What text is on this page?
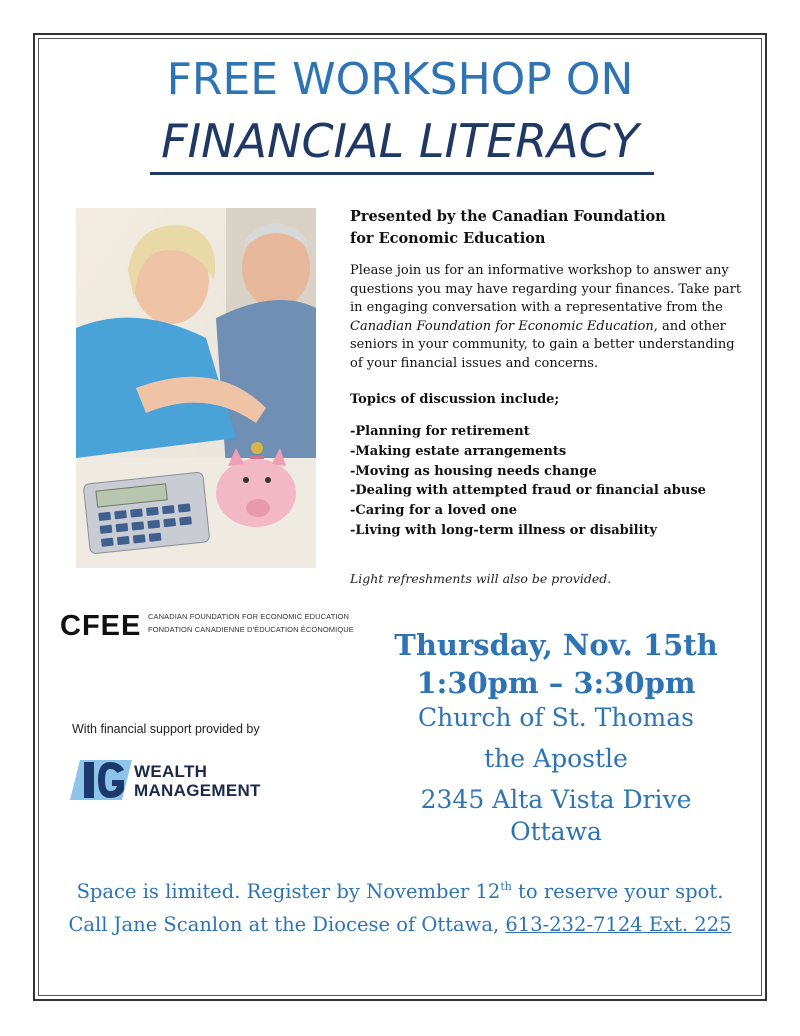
FREE WORKSHOP ON
FINANCIAL LITERACY
Presented by the Canadian Foundation
for Economic Education
Please join us for an informative workshop to answer any questions you may have regarding your finances. Take part in engaging conversation with a representative from the Canadian Foundation for Economic Education, and other seniors in your community, to gain a better understanding of your financial issues and concerns.
Topics of discussion include;
-Planning for retirement
-Making estate arrangements
-Moving as housing needs change
-Dealing with attempted fraud or financial abuse
-Caring for a loved one
-Living with long-term illness or disability
Light refreshments will also be provided.
CFEE CANADIAN FOUNDATION FOR ECONOMIC EDUCATION
FONDATION CANADIENNE D'ÉDUCATION ÉCONOMIQUE
With financial support provided by
WEALTH
MANAGEMENT
Thursday, Nov. 15th
1:30pm – 3:30pm
Church of St. Thomas
the Apostle
2345 Alta Vista Drive
Ottawa
Space is limited. Register by November 12th to reserve your spot.
Call Jane Scanlon at the Diocese of Ottawa, 613-232-7124 Ext. 225
